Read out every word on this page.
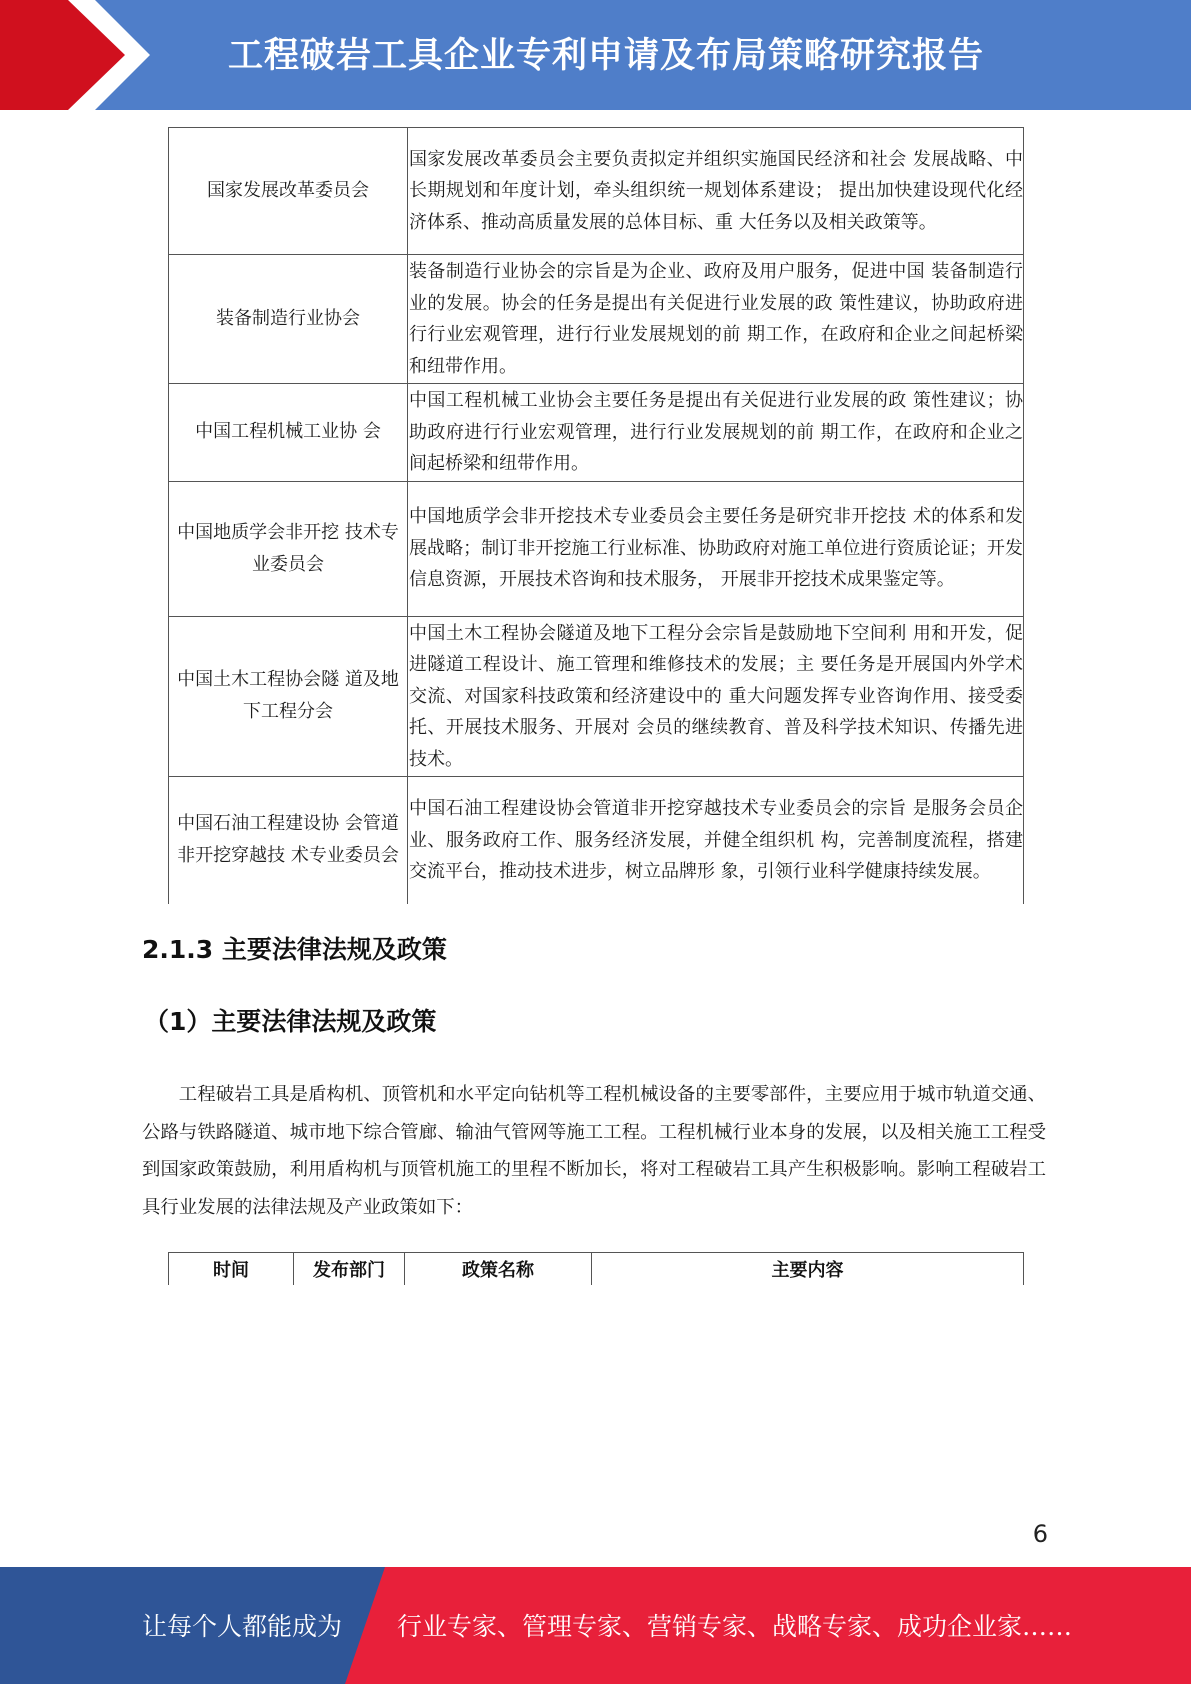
工程破岩工具企业专利申请及布局策略研究报告
国家发展改革委员会	国家发展改革委员会主要负责拟定并组织实施国民经济和社会 发展战略、中长期规划和年度计划，牵头组织统一规划体系建设； 提出加快建设现代化经济体系、推动高质量发展的总体目标、重 大任务以及相关政策等。
装备制造行业协会	装备制造行业协会的宗旨是为企业、政府及用户服务，促进中国 装备制造行业的发展。协会的任务是提出有关促进行业发展的政 策性建议，协助政府进行行业宏观管理，进行行业发展规划的前 期工作，在政府和企业之间起桥梁和纽带作用。
中国工程机械工业协 会	中国工程机械工业协会主要任务是提出有关促进行业发展的政 策性建议；协助政府进行行业宏观管理，进行行业发展规划的前 期工作，在政府和企业之间起桥梁和纽带作用。
中国地质学会非开挖 技术专业委员会	中国地质学会非开挖技术专业委员会主要任务是研究非开挖技 术的体系和发展战略；制订非开挖施工行业标准、协助政府对施工单位进行资质论证；开发信息资源，开展技术咨询和技术服务， 开展非开挖技术成果鉴定等。
中国土木工程协会隧 道及地下工程分会	中国土木工程协会隧道及地下工程分会宗旨是鼓励地下空间利 用和开发，促进隧道工程设计、施工管理和维修技术的发展；主 要任务是开展国内外学术交流、对国家科技政策和经济建设中的 重大问题发挥专业咨询作用、接受委托、开展技术服务、开展对 会员的继续教育、普及科学技术知识、传播先进技术。
中国石油工程建设协 会管道非开挖穿越技 术专业委员会	中国石油工程建设协会管道非开挖穿越技术专业委员会的宗旨 是服务会员企业、服务政府工作、服务经济发展，并健全组织机 构，完善制度流程，搭建交流平台，推动技术进步，树立品牌形 象，引领行业科学健康持续发展。
2.1.3 主要法律法规及政策
（1）主要法律法规及政策

工程破岩工具是盾构机、顶管机和水平定向钻机等工程机械设备的主要零部件，主要应用于城市轨道交通、公路与铁路隧道、城市地下综合管廊、输油气管网等施工工程。工程机械行业本身的发展，以及相关施工工程受到国家政策鼓励，利用盾构机与顶管机施工的里程不断加长，将对工程破岩工具产生积极影响。影响工程破岩工具行业发展的法律法规及产业政策如下：

时间	发布部门	政策名称	主要内容
6
让每个人都能成为 行业专家、管理专家、营销专家、战略专家、成功企业家……
